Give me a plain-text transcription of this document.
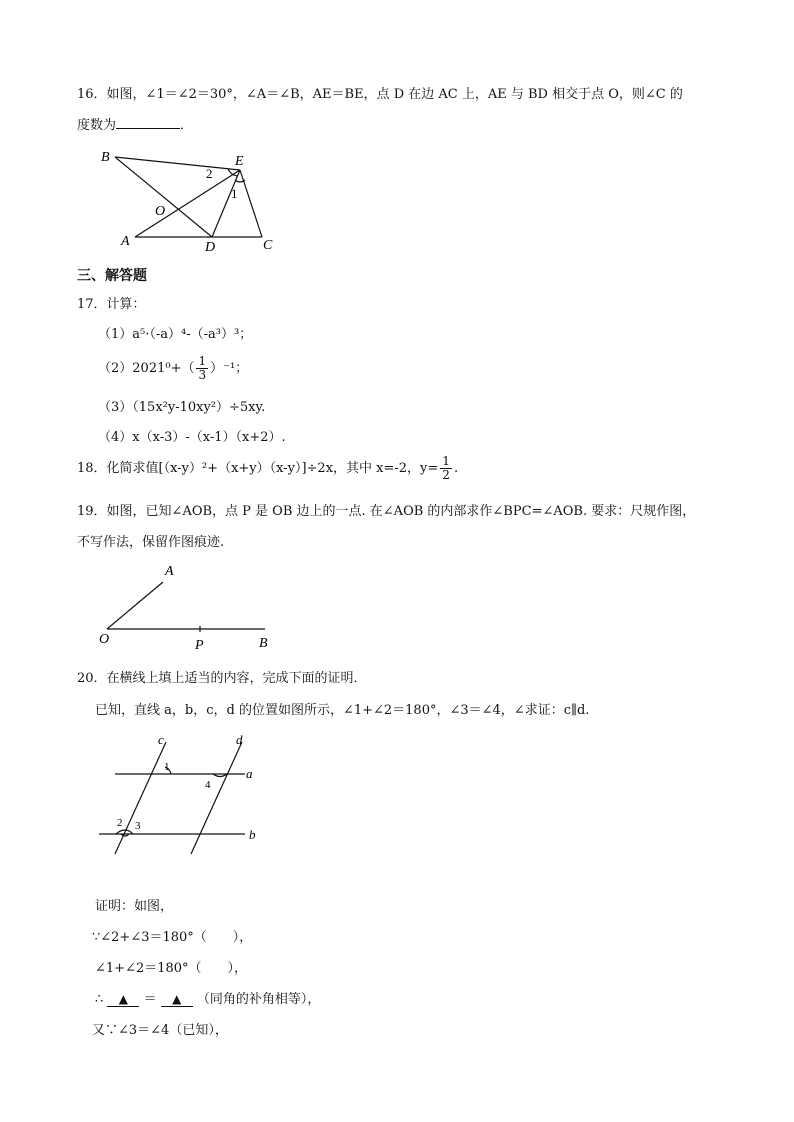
16．如图，∠1＝∠2＝30°，∠A＝∠B，AE＝BE，点 D 在边 AC 上，AE 与 BD 相交于点 O，则∠C 的
度数为	．
B	E
O
A	D	C
2
1
三、解答题
17．计算：
（1）a⁵·（-a）⁴-（-a³）³；
$(2)2021^0+( \frac{1}{3} )^{-1}$；
（3）（15x²y-10xy²）÷5xy.
（4）x（x-3）-（x-1）（x+2）.
18．化简求值[（x-y）²+（x+y）（x-y）]÷2x，其中 x=-2，$y= \frac{1}{2}$ .
19．如图，已知∠AOB，点 P 是 OB 边上的一点. 在∠AOB 的内部求作∠BPC=∠AOB. 要求：尺规作图，
不写作法，保留作图痕迹.
A
O	P	B
20．在横线上填上适当的内容，完成下面的证明．
已知，直线 a，b，c，d 的位置如图所示，∠1+∠2＝180°，∠3＝∠4，∠求证：c∥d.
c	d
a
b
1
4
2 3
证明：如图，
∵∠2+∠3＝180°（　　），
∠1+∠2＝180°（　　），
∴ ▲ ＝ ▲ （同角的补角相等），
又∵∠3＝∠4（已知），
